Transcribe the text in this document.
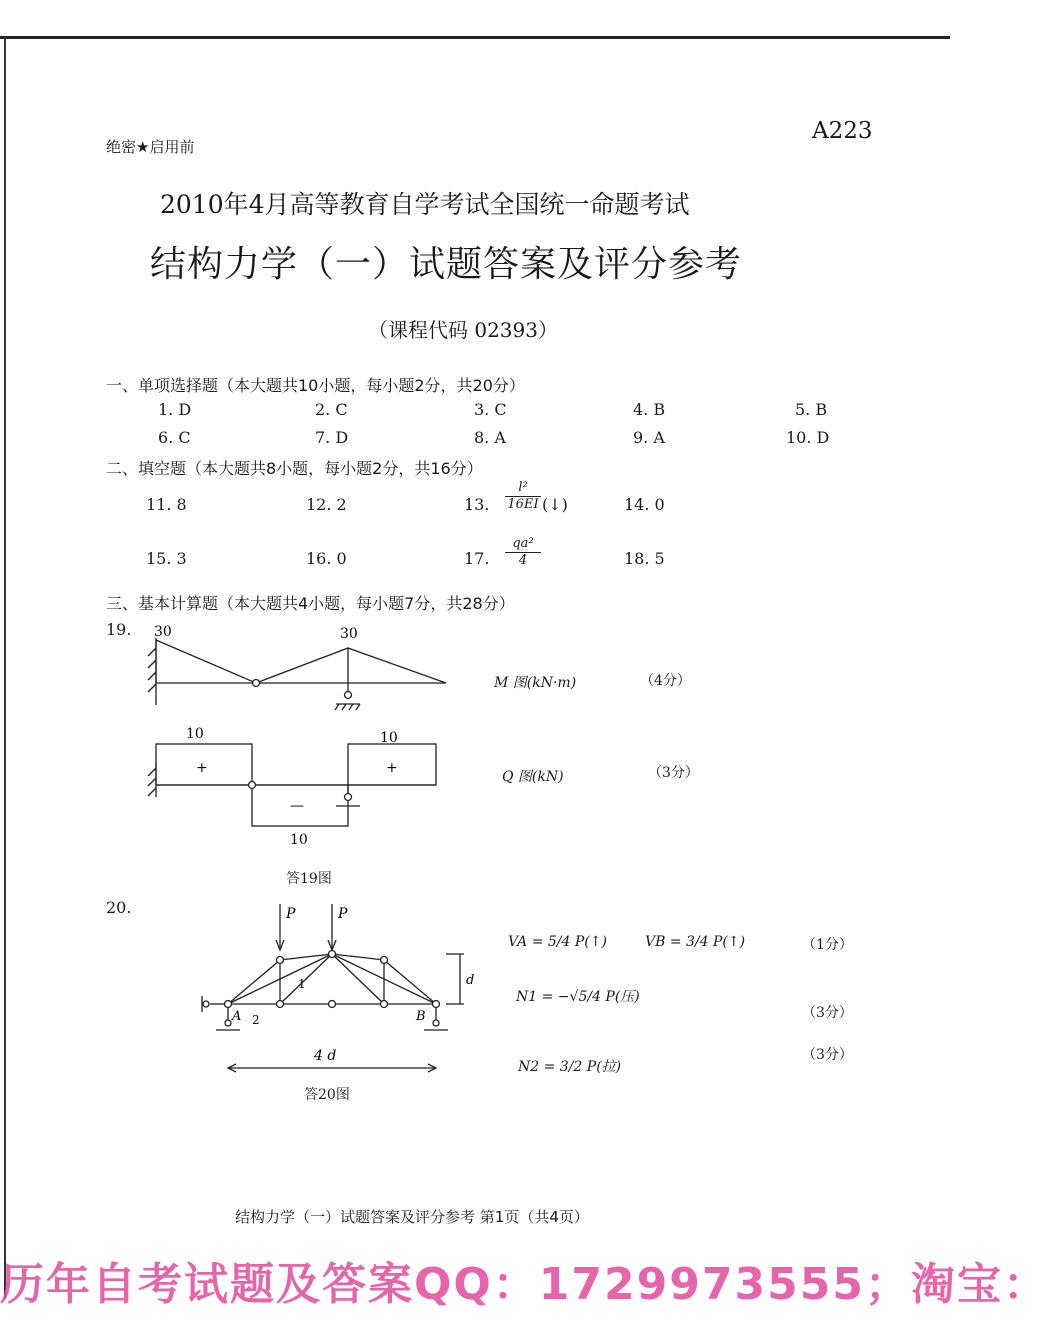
绝密★启用前
A223
2010年4月高等教育自学考试全国统一命题考试
结构力学（一）试题答案及评分参考
（课程代码 02393）
一、单项选择题（本大题共10小题，每小题2分，共20分）
1. D	2. C	3. C	4. B	5. B
6. C	7. D	8. A	9. A	10. D
二、填空题（本大题共8小题，每小题2分，共16分）
11. 8	12. 2	13. $\frac{\text{l²}}{16EI}$ (↓)	14. 0
15. 3	16. 0	17. $\frac{\text{qa²}}{4}$	18. 5
三、基本计算题（本大题共4小题，每小题7分，共28分）
19. 30	30
M 图(kN·m)	（4分）
10	10
10
+
—
+
Q 图(kN)	（3分）
答19图
20.	P	P
A	B
1
2
d
4 d
答20图
VA = 5/4 P(↑)	VB = 3/4 P(↑)	（1分）
N1 = −√5/4 P(压)
（3分）
N2 = 3/2 P(拉)
（3分）
结构力学（一）试题答案及评分参考 第1页（共4页）
历年自考试题及答案QQ：1729973555；淘宝：
